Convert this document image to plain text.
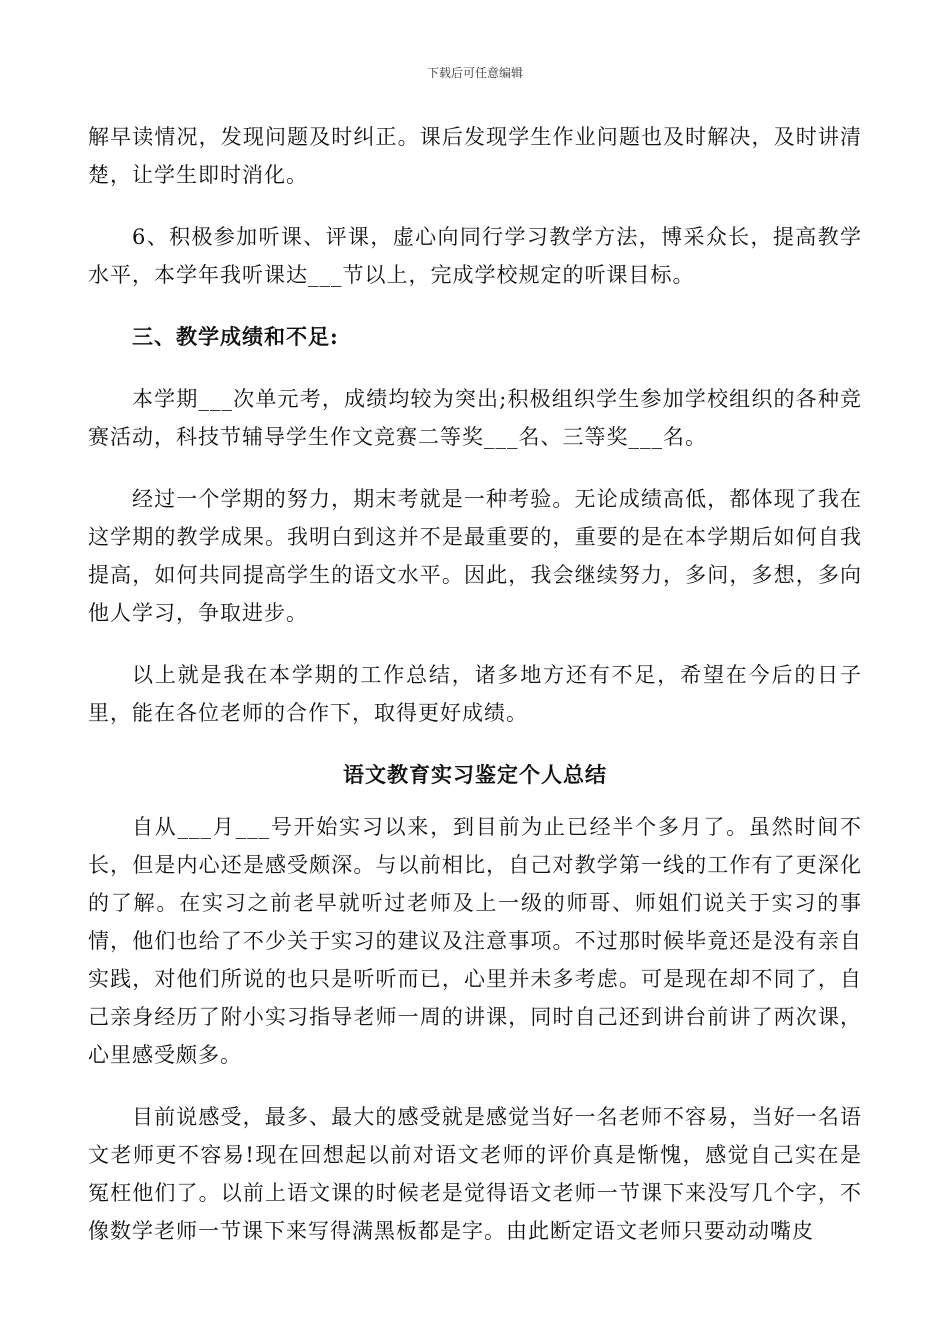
下载后可任意编辑

解早读情况，发现问题及时纠正。课后发现学生作业问题也及时解决，及时讲清楚，让学生即时消化。

6、积极参加听课、评课，虚心向同行学习教学方法，博采众长，提高教学水平，本学年我听课达___节以上，完成学校规定的听课目标。

三、教学成绩和不足:

本学期___次单元考，成绩均较为突出;积极组织学生参加学校组织的各种竞赛活动，科技节辅导学生作文竞赛二等奖___名、三等奖___名。

经过一个学期的努力，期末考就是一种考验。无论成绩高低，都体现了我在这学期的教学成果。我明白到这并不是最重要的，重要的是在本学期后如何自我提高，如何共同提高学生的语文水平。因此，我会继续努力，多问，多想，多向他人学习，争取进步。

以上就是我在本学期的工作总结，诸多地方还有不足，希望在今后的日子里，能在各位老师的合作下，取得更好成绩。

语文教育实习鉴定个人总结

自从___月___号开始实习以来，到目前为止已经半个多月了。虽然时间不长，但是内心还是感受颇深。与以前相比，自己对教学第一线的工作有了更深化的了解。在实习之前老早就听过老师及上一级的师哥、师姐们说关于实习的事情，他们也给了不少关于实习的建议及注意事项。不过那时候毕竟还是没有亲自实践，对他们所说的也只是听听而已，心里并未多考虑。可是现在却不同了，自己亲身经历了附小实习指导老师一周的讲课，同时自己还到讲台前讲了两次课，心里感受颇多。

目前说感受，最多、最大的感受就是感觉当好一名老师不容易，当好一名语文老师更不容易!现在回想起以前对语文老师的评价真是惭愧，感觉自己实在是冤枉他们了。以前上语文课的时候老是觉得语文老师一节课下来没写几个字，不像数学老师一节课下来写得满黑板都是字。由此断定语文老师只要动动嘴皮
